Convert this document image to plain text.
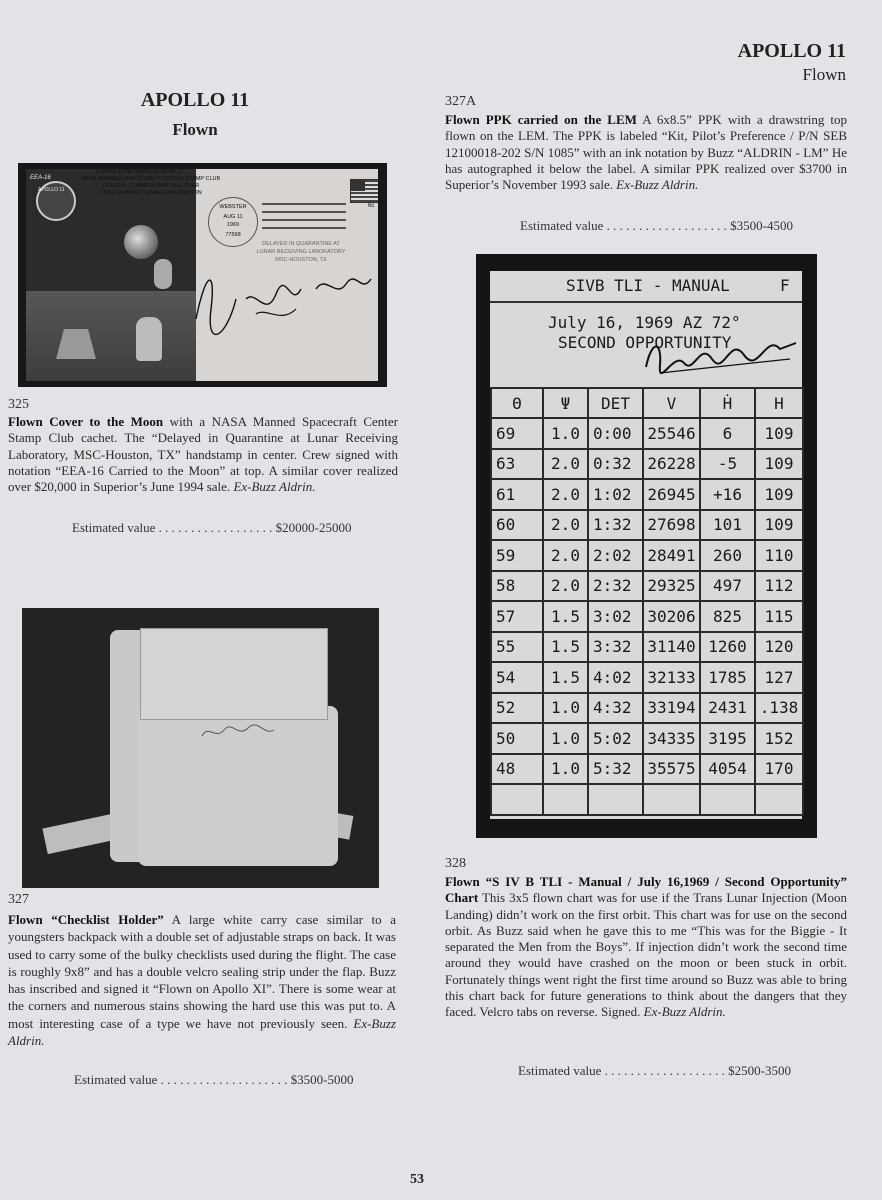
APOLLO 11
Flown
APOLLO 11
Flown
Carried to the Moon on Apollo 11
EEA-16
APOLLO 11
NASA MANNED SPACECRAFT CENTER STAMP CLUB
OFFICIAL COMMEMORATIVE COVER
FIRST MANNED LUNAR EXPLORATION
WEBSTER
AUG 11
1969
77598
6c
DELAYED IN QUARANTINE AT
LUNAR RECEIVING LABORATORY
MSC-HOUSTON, TX
325
Flown Cover to the Moon with a NASA Manned Spacecraft Center Stamp Club cachet. The “Delayed in Quarantine at Lunar Receiving Laboratory, MSC-Houston, TX” handstamp in center. Crew signed with notation “EEA-16 Carried to the Moon” at top. A similar cover realized over $20,000 in Superior’s June 1994 sale. Ex-Buzz Aldrin.
Estimated value . . . . . . . . . . . . . . . . . . $20000-25000
327
Flown “Checklist Holder” A large white carry case similar to a youngsters backpack with a double set of adjustable straps on back. It was used to carry some of the bulky checklists used during the flight. The case is roughly 9x8” and has a double velcro sealing strip under the flap. Buzz has inscribed and signed it “Flown on Apollo XI”. There is some wear at the corners and numerous stains showing the hard use this was put to. A most interesting case of a type we have not previously seen. Ex-Buzz Aldrin.
Estimated value . . . . . . . . . . . . . . . . . . . . $3500-5000
327A
Flown PPK carried on the LEM A 6x8.5” PPK with a drawstring top flown on the LEM. The PPK is labeled “Kit, Pilot’s Preference / P/N SEB 12100018-202 S/N 1085” with an ink notation by Buzz “ALDRIN - LM” He has autographed it below the label. A similar PPK realized over $3700 in Superior’s November 1993 sale. Ex-Buzz Aldrin.
Estimated value . . . . . . . . . . . . . . . . . . . $3500-4500
SIVB TLI - MANUAL	F
July 16, 1969 AZ 72°
SECOND OPPORTUNITY
Θ	Ψ	DET	V	Ḣ	H
69	1.0	0:00	25546	6	109
63	2.0	0:32	26228	-5	109
61	2.0	1:02	26945	+16	109
60	2.0	1:32	27698	101	109
59	2.0	2:02	28491	260	110
58	2.0	2:32	29325	497	112
57	1.5	3:02	30206	825	115
55	1.5	3:32	31140	1260	120
54	1.5	4:02	32133	1785	127
52	1.0	4:32	33194	2431	.138
50	1.0	5:02	34335	3195	152
48	1.0	5:32	35575	4054	170

328
Flown “S IV B TLI - Manual / July 16,1969 / Second Opportunity” Chart This 3x5 flown chart was for use if the Trans Lunar Injection (Moon Landing) didn’t work on the first orbit. This chart was for use on the second orbit. As Buzz said when he gave this to me “This was for the Biggie - It separated the Men from the Boys”. If injection didn’t work the second time around they would have crashed on the moon or been stuck in orbit. Fortunately things went right the first time around so Buzz was able to bring this chart back for future generations to think about the dangers that they faced. Velcro tabs on reverse. Signed. Ex-Buzz Aldrin.
Estimated value . . . . . . . . . . . . . . . . . . . $2500-3500
53
